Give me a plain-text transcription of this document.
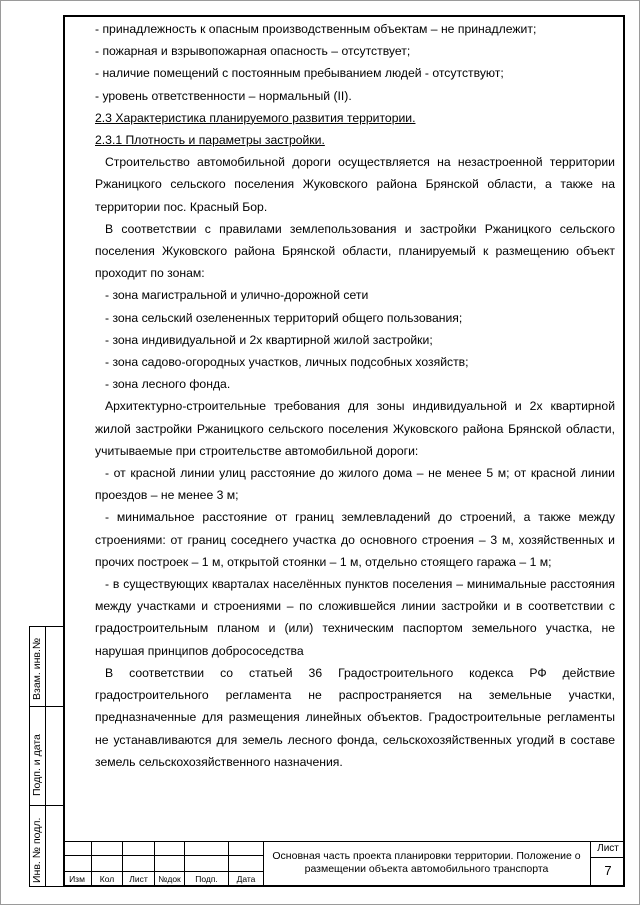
- принадлежность к опасным производственным объектам – не принадлежит;

- пожарная и взрывопожарная опасность – отсутствует;

- наличие помещений с постоянным пребыванием людей - отсутствуют;

- уровень ответственности – нормальный (II).

2.3 Характеристика планируемого развития территории.

2.3.1 Плотность и параметры застройки.

Строительство автомобильной дороги осуществляется на незастроенной территории Ржаницкого сельского поселения Жуковского района Брянской области, а также на территории пос. Красный Бор.

В соответствии с правилами землепользования и застройки Ржаницкого сельского поселения Жуковского района Брянской области, планируемый к размещению объект проходит по зонам:

- зона магистральной и улично-дорожной сети

- зона сельский озелененных территорий общего пользования;

- зона индивидуальной и 2х квартирной жилой застройки;

- зона садово-огородных участков, личных подсобных хозяйств;

- зона лесного фонда.

Архитектурно-строительные требования для зоны индивидуальной и 2х квартирной жилой застройки Ржаницкого сельского поселения Жуковского района Брянской области, учитываемые при строительстве автомобильной дороги:

- от красной линии улиц расстояние до жилого дома – не менее 5 м; от красной линии проездов – не менее 3 м;

- минимальное расстояние от границ землевладений до строений, а также между строениями: от границ соседнего участка до основного строения – 3 м, хозяйственных и прочих построек – 1 м, открытой стоянки – 1 м, отдельно стоящего гаража – 1 м;

- в существующих кварталах населённых пунктов поселения – минимальные расстояния между участками и строениями – по сложившейся линии застройки и в соответствии с градостроительным планом и (или) техническим паспортом земельного участка, не нарушая принципов добрососедства

В соответствии со статьей 36 Градостроительного кодекса РФ действие градостроительного регламента не распространяется на земельные участки, предназначенные для размещения линейных объектов. Градостроительные регламенты не устанавливаются для земель лесного фонда, сельскохозяйственных угодий в составе земель сельскохозяйственного назначения.

Взам. инв.№
Подп. и дата
Инв. № подл.	Изм	Кол	Лист	№док	Подп.	Дата
Основная часть проекта планировки территории. Положение о размещении объекта автомобильного транспорта
Лист
7
